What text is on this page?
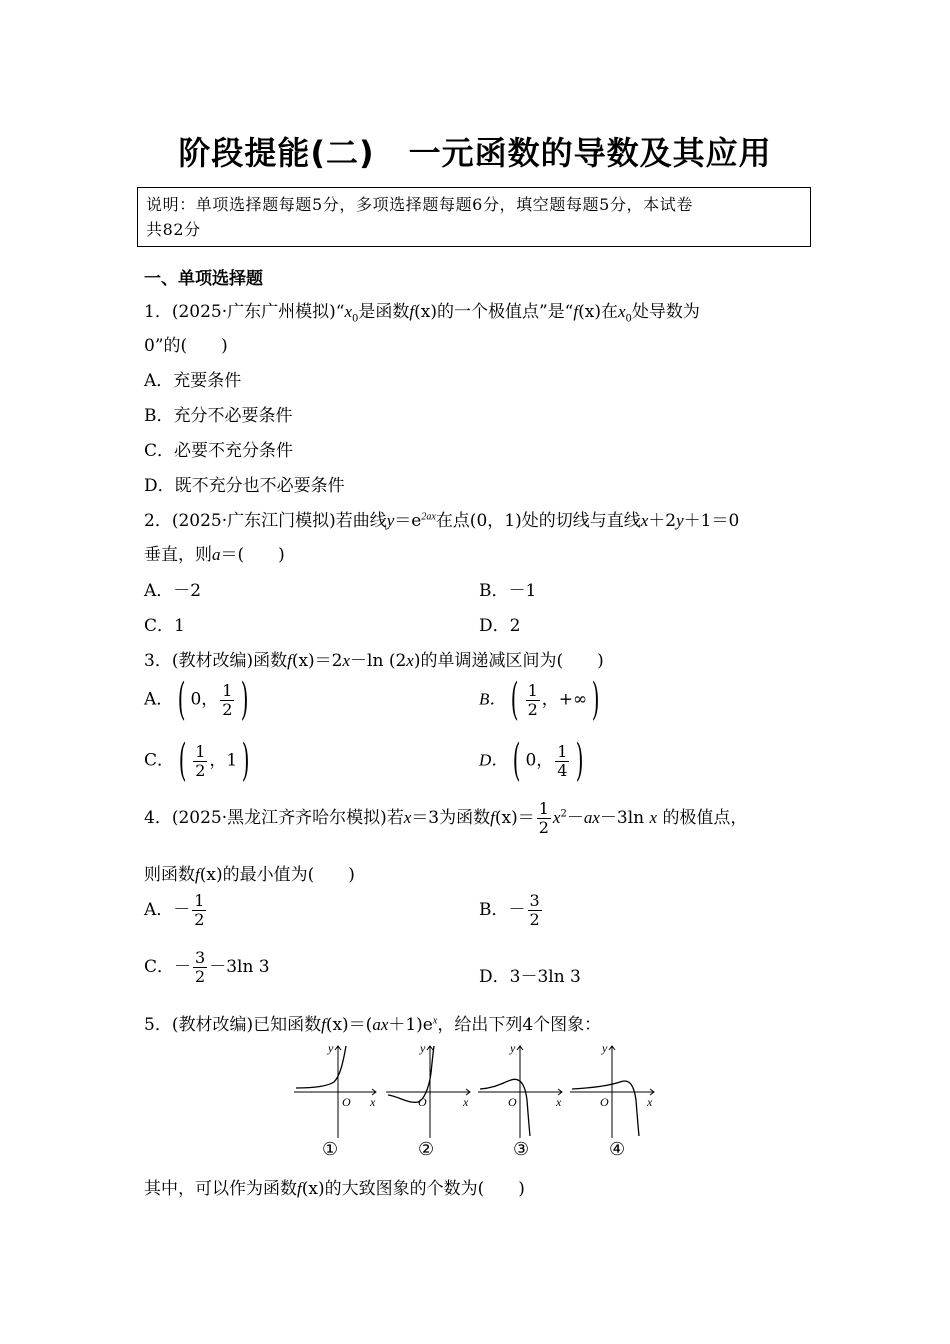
阶段提能(二) 一元函数的导数及其应用
说明：单项选择题每题5分，多项选择题每题6分，填空题每题5分，本试卷
共82分
一、单项选择题
1．(2025·广东广州模拟)“$x_0$是函数f(x)的一个极值点”是“f(x)在$x_0$处导数为
0”的(　　)
A．充要条件
B．充分不必要条件
C．必要不充分条件
D．既不充分也不必要条件
2．(2025·广东江门模拟)若曲线$y=e^{2ax}$在点(0，1)处的切线与直线x＋2y＋1＝0
垂直，则a＝(　　)
A．－2	B．－1
C．1	D．2
3．(教材改编)函数f(x)＝2x－ln (2x)的单调递减区间为(　　)
A． ( 0， $\frac{1}{2}$ )	B． ( $\frac{1}{2}$ ，+∞ )
C． ( $\frac{1}{2}$ ，1 )	D． ( 0， $\frac{1}{4}$ )
4．(2025·黑龙江齐齐哈尔模拟)若x＝3为函数$f(x)= \frac{1}{2} x^2-ax-3\ln$ x 的极值点，
则函数f(x)的最小值为(　　)
A．－ $\frac{1}{2}$	B．－ $\frac{3}{2}$
C．－ $\frac{3}{2} -3\ln$ 3	D．3－3ln 3
5．(教材改编)已知函数$f(x)=(ax+1)e^x$，给出下列4个图象：
y
x
O
y
x
O
y
x
O
y
x
O
①	②	③	④
其中，可以作为函数f(x)的大致图象的个数为(　　)
